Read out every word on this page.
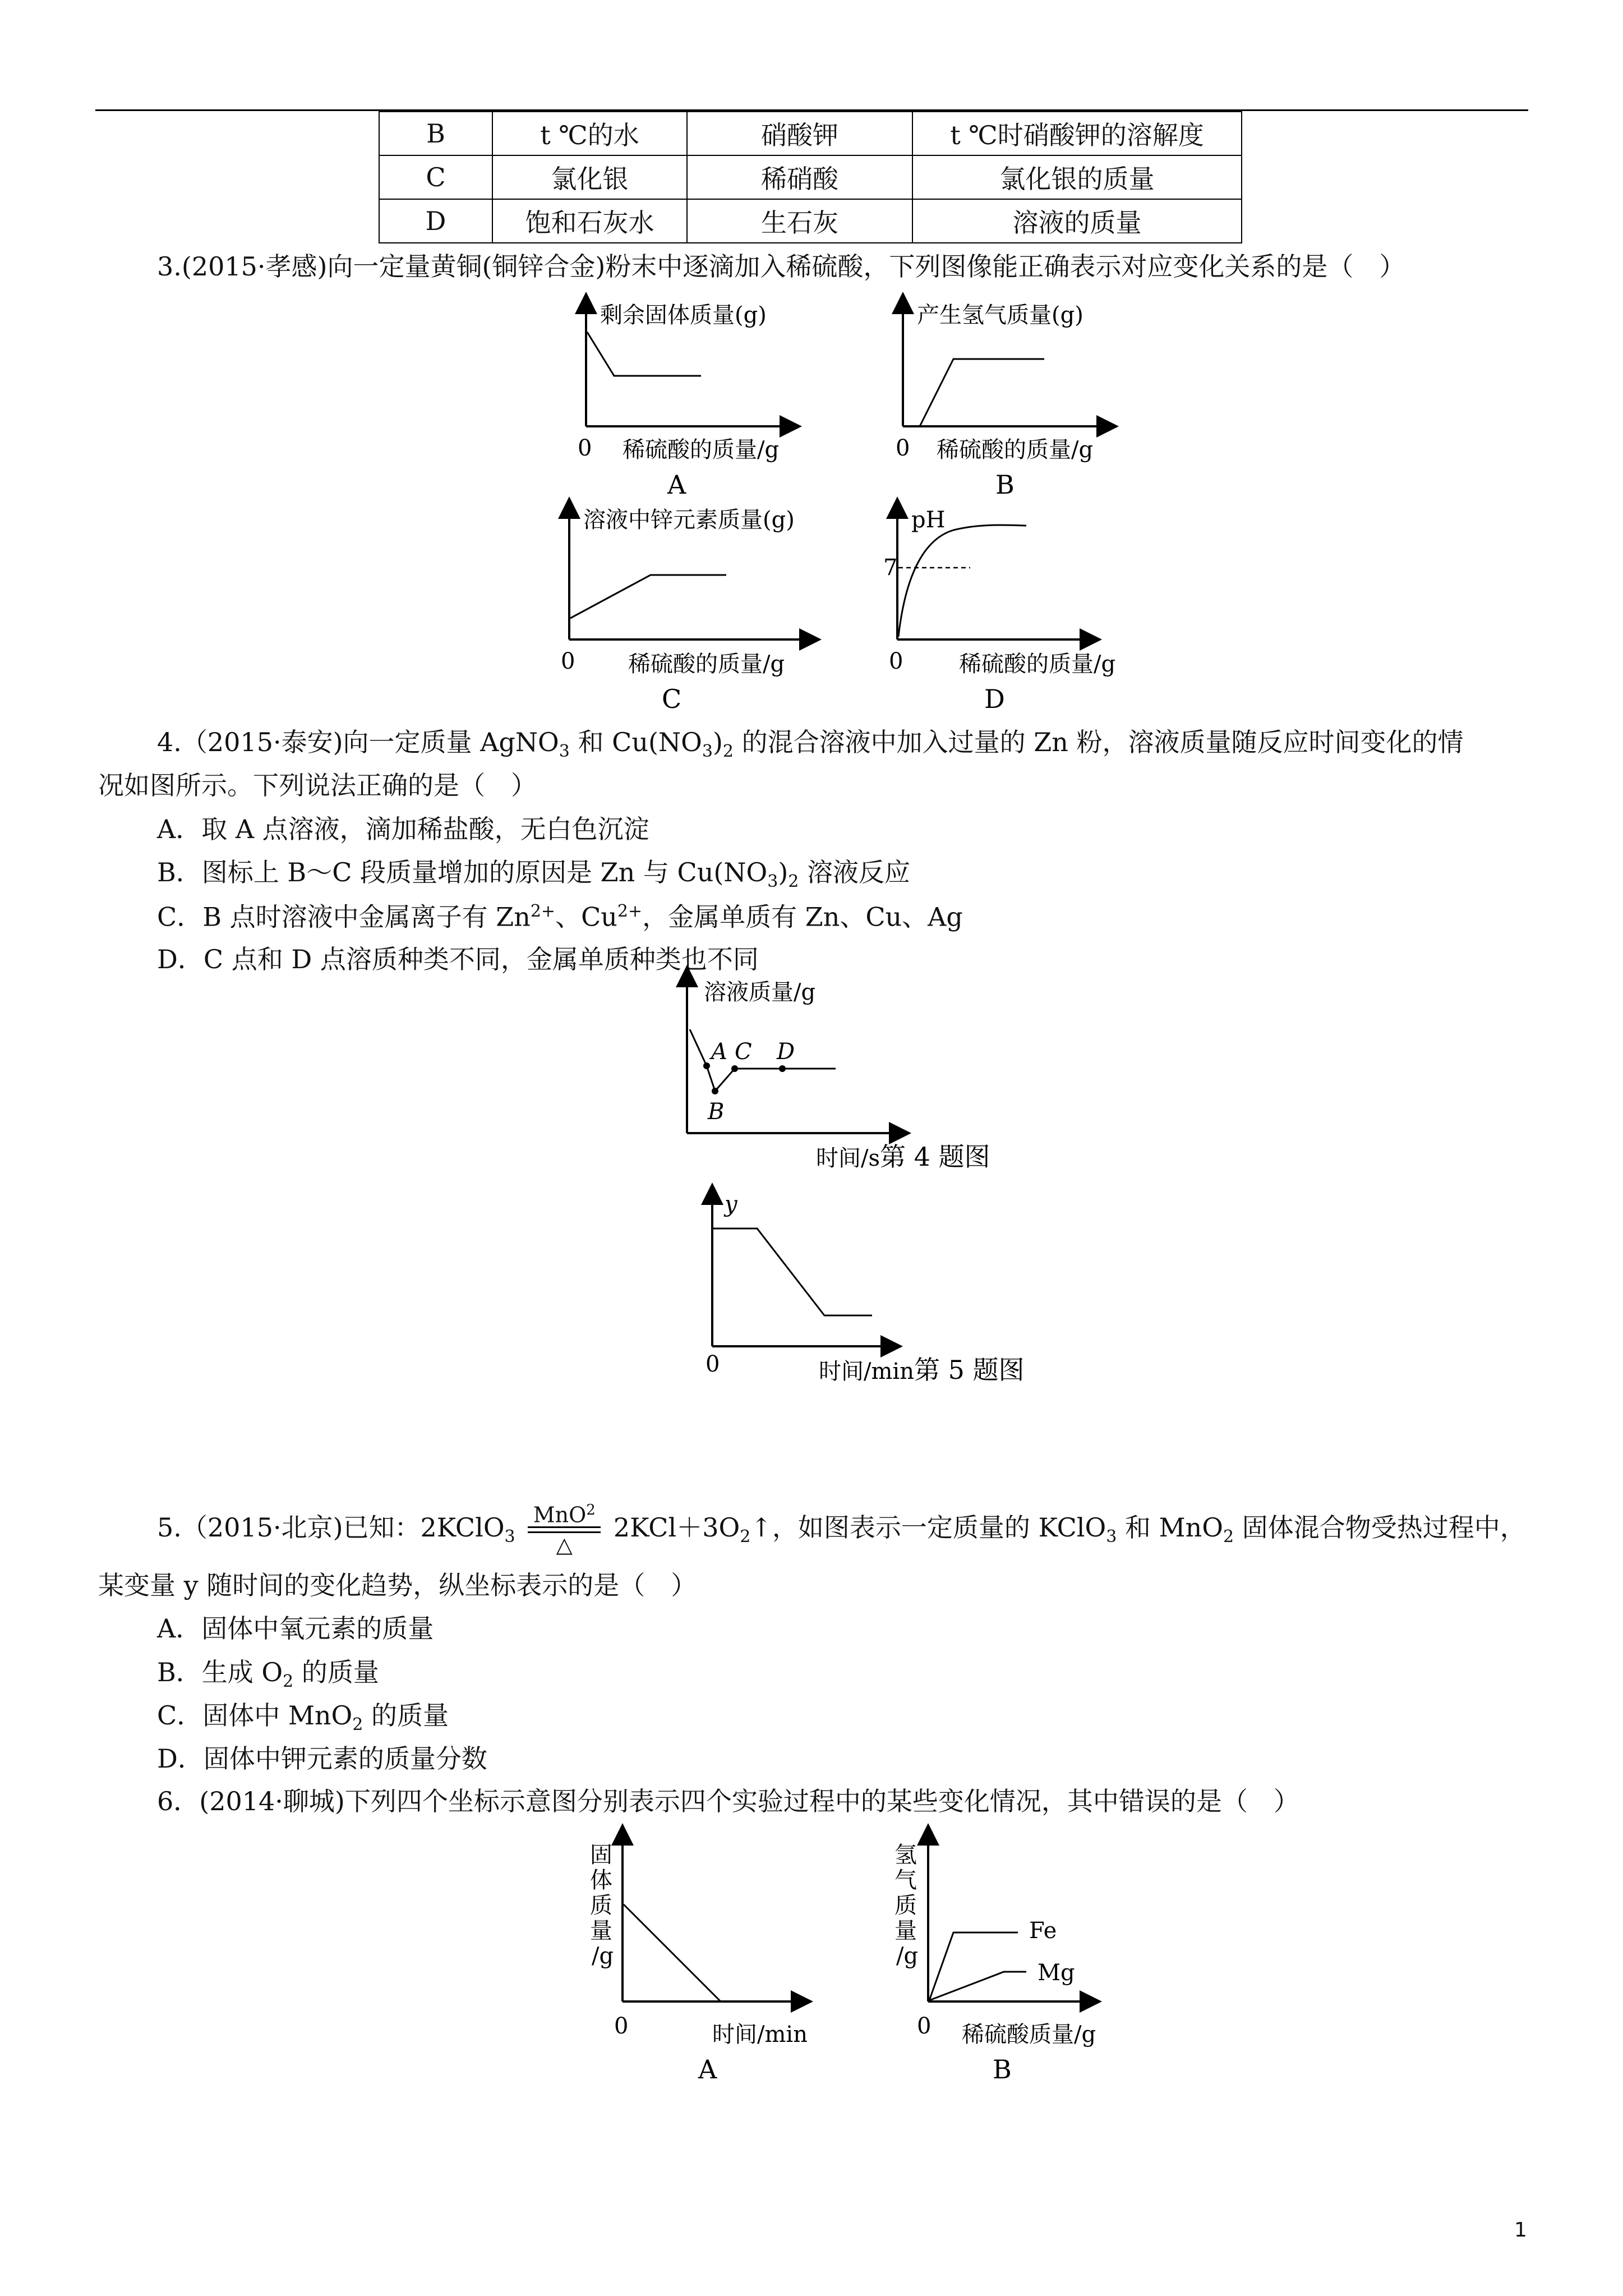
B	t ℃的水	硝酸钾	t ℃时硝酸钾的溶解度
C	氯化银	稀硝酸	氯化银的质量
D	饱和石灰水	生石灰	溶液的质量
3.(2015·孝感)向一定量黄铜(铜锌合金)粉末中逐滴加入稀硫酸，下列图像能正确表示对应变化关系的是（　）
剩余固体质量(g)
0 稀硫酸的质量/g
A
产生氢气质量(g)
0 稀硫酸的质量/g
B
溶液中锌元素质量(g)
0 稀硫酸的质量/g
C
7
pH
0 稀硫酸的质量/g
D
4.（2015·泰安)向一定质量 AgNO$_3$ 和 $Cu(NO_3)_2$ 的混合溶液中加入过量的 Zn 粉，溶液质量随反应时间变化的情
况如图所示。下列说法正确的是（　）
A．取 A 点溶液，滴加稀盐酸，无白色沉淀
B．图标上 B～C 段质量增加的原因是 Zn 与 $Cu(NO_3)_2$ 溶液反应
C．B 点时溶液中金属离子有 $Zn^{2+}$、$Cu^{2+}$，金属单质有 Zn、Cu、Ag
D．C 点和 D 点溶质种类不同，金属单质种类也不同
A
B
C D
溶液质量/g
时间/s第 4 题图
y
0	时间/min第 5 题图
5.（2015·北京)已知：2KClO$_3$
MnO$^2$
△
$2KCl+3O_2↑$，如图表示一定质量的 KClO$_3$ 和 MnO$_2$ 固体混合物受热过程中，
某变量 y 随时间的变化趋势，纵坐标表示的是（　）
A．固体中氧元素的质量
B．生成 $O_2$ 的质量
C．固体中 MnO$_2$ 的质量
D．固体中钾元素的质量分数
6．(2014·聊城)下列四个坐标示意图分别表示四个实验过程中的某些变化情况，其中错误的是（　）
固
体
质
量
/g
0	时间/min
A
Fe
Mg
氢
气
质
量
/g
0 稀硫酸质量/g
B
1
